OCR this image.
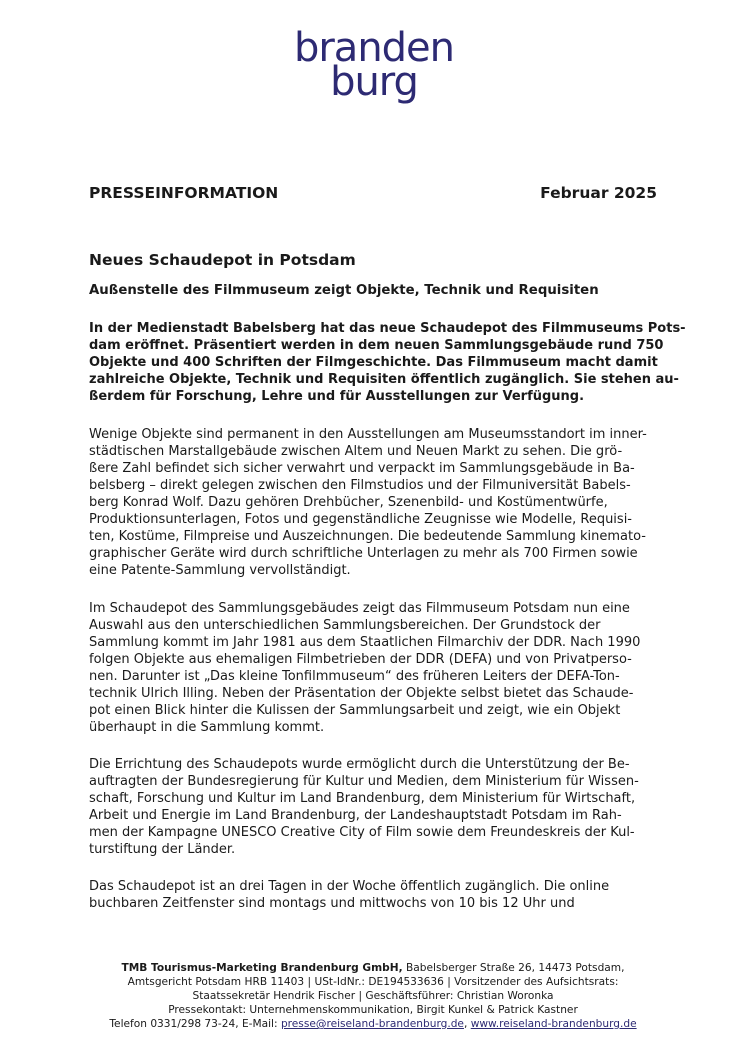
branden
burg
PRESSEINFORMATION	Februar 2025
Neues Schaudepot in Potsdam
Außenstelle des Filmmuseum zeigt Objekte, Technik und Requisiten
In der Medienstadt Babelsberg hat das neue Schaudepot des Filmmuseums Pots-
dam eröffnet. Präsentiert werden in dem neuen Sammlungsgebäude rund 750
Objekte und 400 Schriften der Filmgeschichte. Das Filmmuseum macht damit
zahlreiche Objekte, Technik und Requisiten öffentlich zugänglich. Sie stehen au-
ßerdem für Forschung, Lehre und für Ausstellungen zur Verfügung.
Wenige Objekte sind permanent in den Ausstellungen am Museumsstandort im inner-
städtischen Marstallgebäude zwischen Altem und Neuen Markt zu sehen. Die grö-
ßere Zahl befindet sich sicher verwahrt und verpackt im Sammlungsgebäude in Ba-
belsberg – direkt gelegen zwischen den Filmstudios und der Filmuniversität Babels-
berg Konrad Wolf. Dazu gehören Drehbücher, Szenenbild- und Kostümentwürfe,
Produktionsunterlagen, Fotos und gegenständliche Zeugnisse wie Modelle, Requisi-
ten, Kostüme, Filmpreise und Auszeichnungen. Die bedeutende Sammlung kinemato-
graphischer Geräte wird durch schriftliche Unterlagen zu mehr als 700 Firmen sowie
eine Patente-Sammlung vervollständigt.
Im Schaudepot des Sammlungsgebäudes zeigt das Filmmuseum Potsdam nun eine
Auswahl aus den unterschiedlichen Sammlungsbereichen. Der Grundstock der
Sammlung kommt im Jahr 1981 aus dem Staatlichen Filmarchiv der DDR. Nach 1990
folgen Objekte aus ehemaligen Filmbetrieben der DDR (DEFA) und von Privatperso-
nen. Darunter ist „Das kleine Tonfilmmuseum“ des früheren Leiters der DEFA-Ton-
technik Ulrich Illing. Neben der Präsentation der Objekte selbst bietet das Schaude-
pot einen Blick hinter die Kulissen der Sammlungsarbeit und zeigt, wie ein Objekt
überhaupt in die Sammlung kommt.
Die Errichtung des Schaudepots wurde ermöglicht durch die Unterstützung der Be-
auftragten der Bundesregierung für Kultur und Medien, dem Ministerium für Wissen-
schaft, Forschung und Kultur im Land Brandenburg, dem Ministerium für Wirtschaft,
Arbeit und Energie im Land Brandenburg, der Landeshauptstadt Potsdam im Rah-
men der Kampagne UNESCO Creative City of Film sowie dem Freundeskreis der Kul-
turstiftung der Länder.
Das Schaudepot ist an drei Tagen in der Woche öffentlich zugänglich. Die online
buchbaren Zeitfenster sind montags und mittwochs von 10 bis 12 Uhr und
TMB Tourismus-Marketing Brandenburg GmbH, Babelsberger Straße 26, 14473 Potsdam,
Amtsgericht Potsdam HRB 11403 | USt-IdNr.: DE194533636 | Vorsitzender des Aufsichtsrats:
Staatssekretär Hendrik Fischer | Geschäftsführer: Christian Woronka
Pressekontakt: Unternehmenskommunikation, Birgit Kunkel & Patrick Kastner
Telefon 0331/298 73-24, E-Mail: presse@reiseland-brandenburg.de, www.reiseland-brandenburg.de
